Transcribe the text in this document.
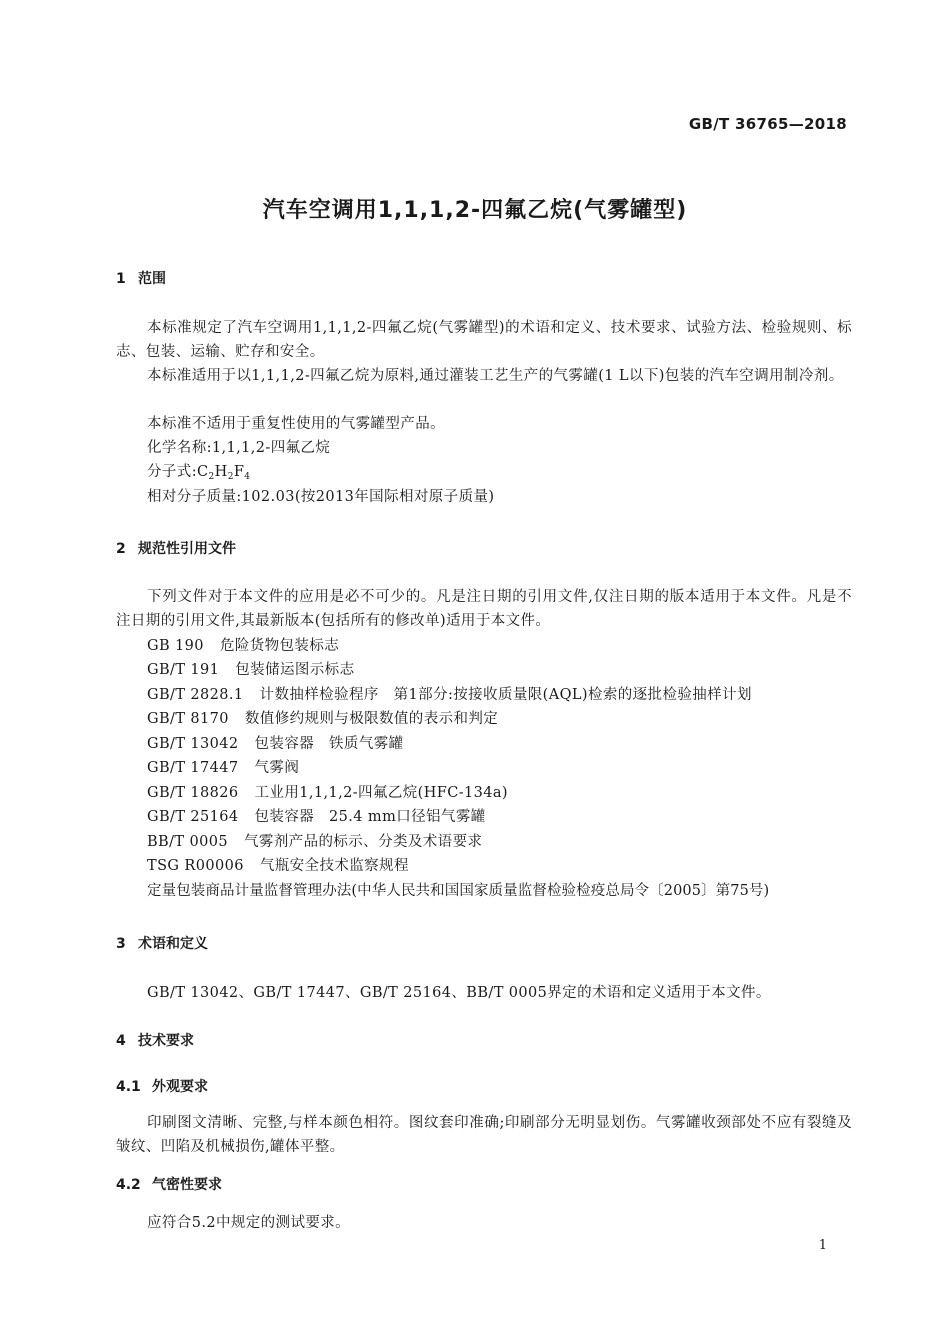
GB/T 36765—2018
汽车空调用1,1,1,2-四氟乙烷(气雾罐型)
1 范围
本标准规定了汽车空调用1,1,1,2-四氟乙烷(气雾罐型)的术语和定义、技术要求、试验方法、检验规则、标志、包装、运输、贮存和安全。
本标准适用于以1,1,1,2-四氟乙烷为原料,通过灌装工艺生产的气雾罐(1 L以下)包装的汽车空调用制冷剂。
本标准不适用于重复性使用的气雾罐型产品。
化学名称:1,1,1,2-四氟乙烷
分子式$:C_2H_2F_4$
相对分子质量:102.03(按2013年国际相对原子质量)
2 规范性引用文件
下列文件对于本文件的应用是必不可少的。凡是注日期的引用文件,仅注日期的版本适用于本文件。凡是不注日期的引用文件,其最新版本(包括所有的修改单)适用于本文件。
GB 190 危险货物包装标志
GB/T 191 包装储运图示标志
GB/T 2828.1 计数抽样检验程序　第1部分:按接收质量限(AQL)检索的逐批检验抽样计划
GB/T 8170 数值修约规则与极限数值的表示和判定
GB/T 13042 包装容器　铁质气雾罐
GB/T 17447 气雾阀
GB/T 18826 工业用1,1,1,2-四氟乙烷(HFC-134a)
GB/T 25164 包装容器　25.4 mm口径铝气雾罐
BB/T 0005 气雾剂产品的标示、分类及术语要求
TSG R00006 气瓶安全技术监察规程
定量包装商品计量监督管理办法(中华人民共和国国家质量监督检验检疫总局令〔2005〕第75号)
3 术语和定义
GB/T 13042、GB/T 17447、GB/T 25164、BB/T 0005界定的术语和定义适用于本文件。
4 技术要求
4.1 外观要求
印刷图文清晰、完整,与样本颜色相符。图纹套印准确;印刷部分无明显划伤。气雾罐收颈部处不应有裂缝及皱纹、凹陷及机械损伤,罐体平整。
4.2 气密性要求
应符合5.2中规定的测试要求。
1
